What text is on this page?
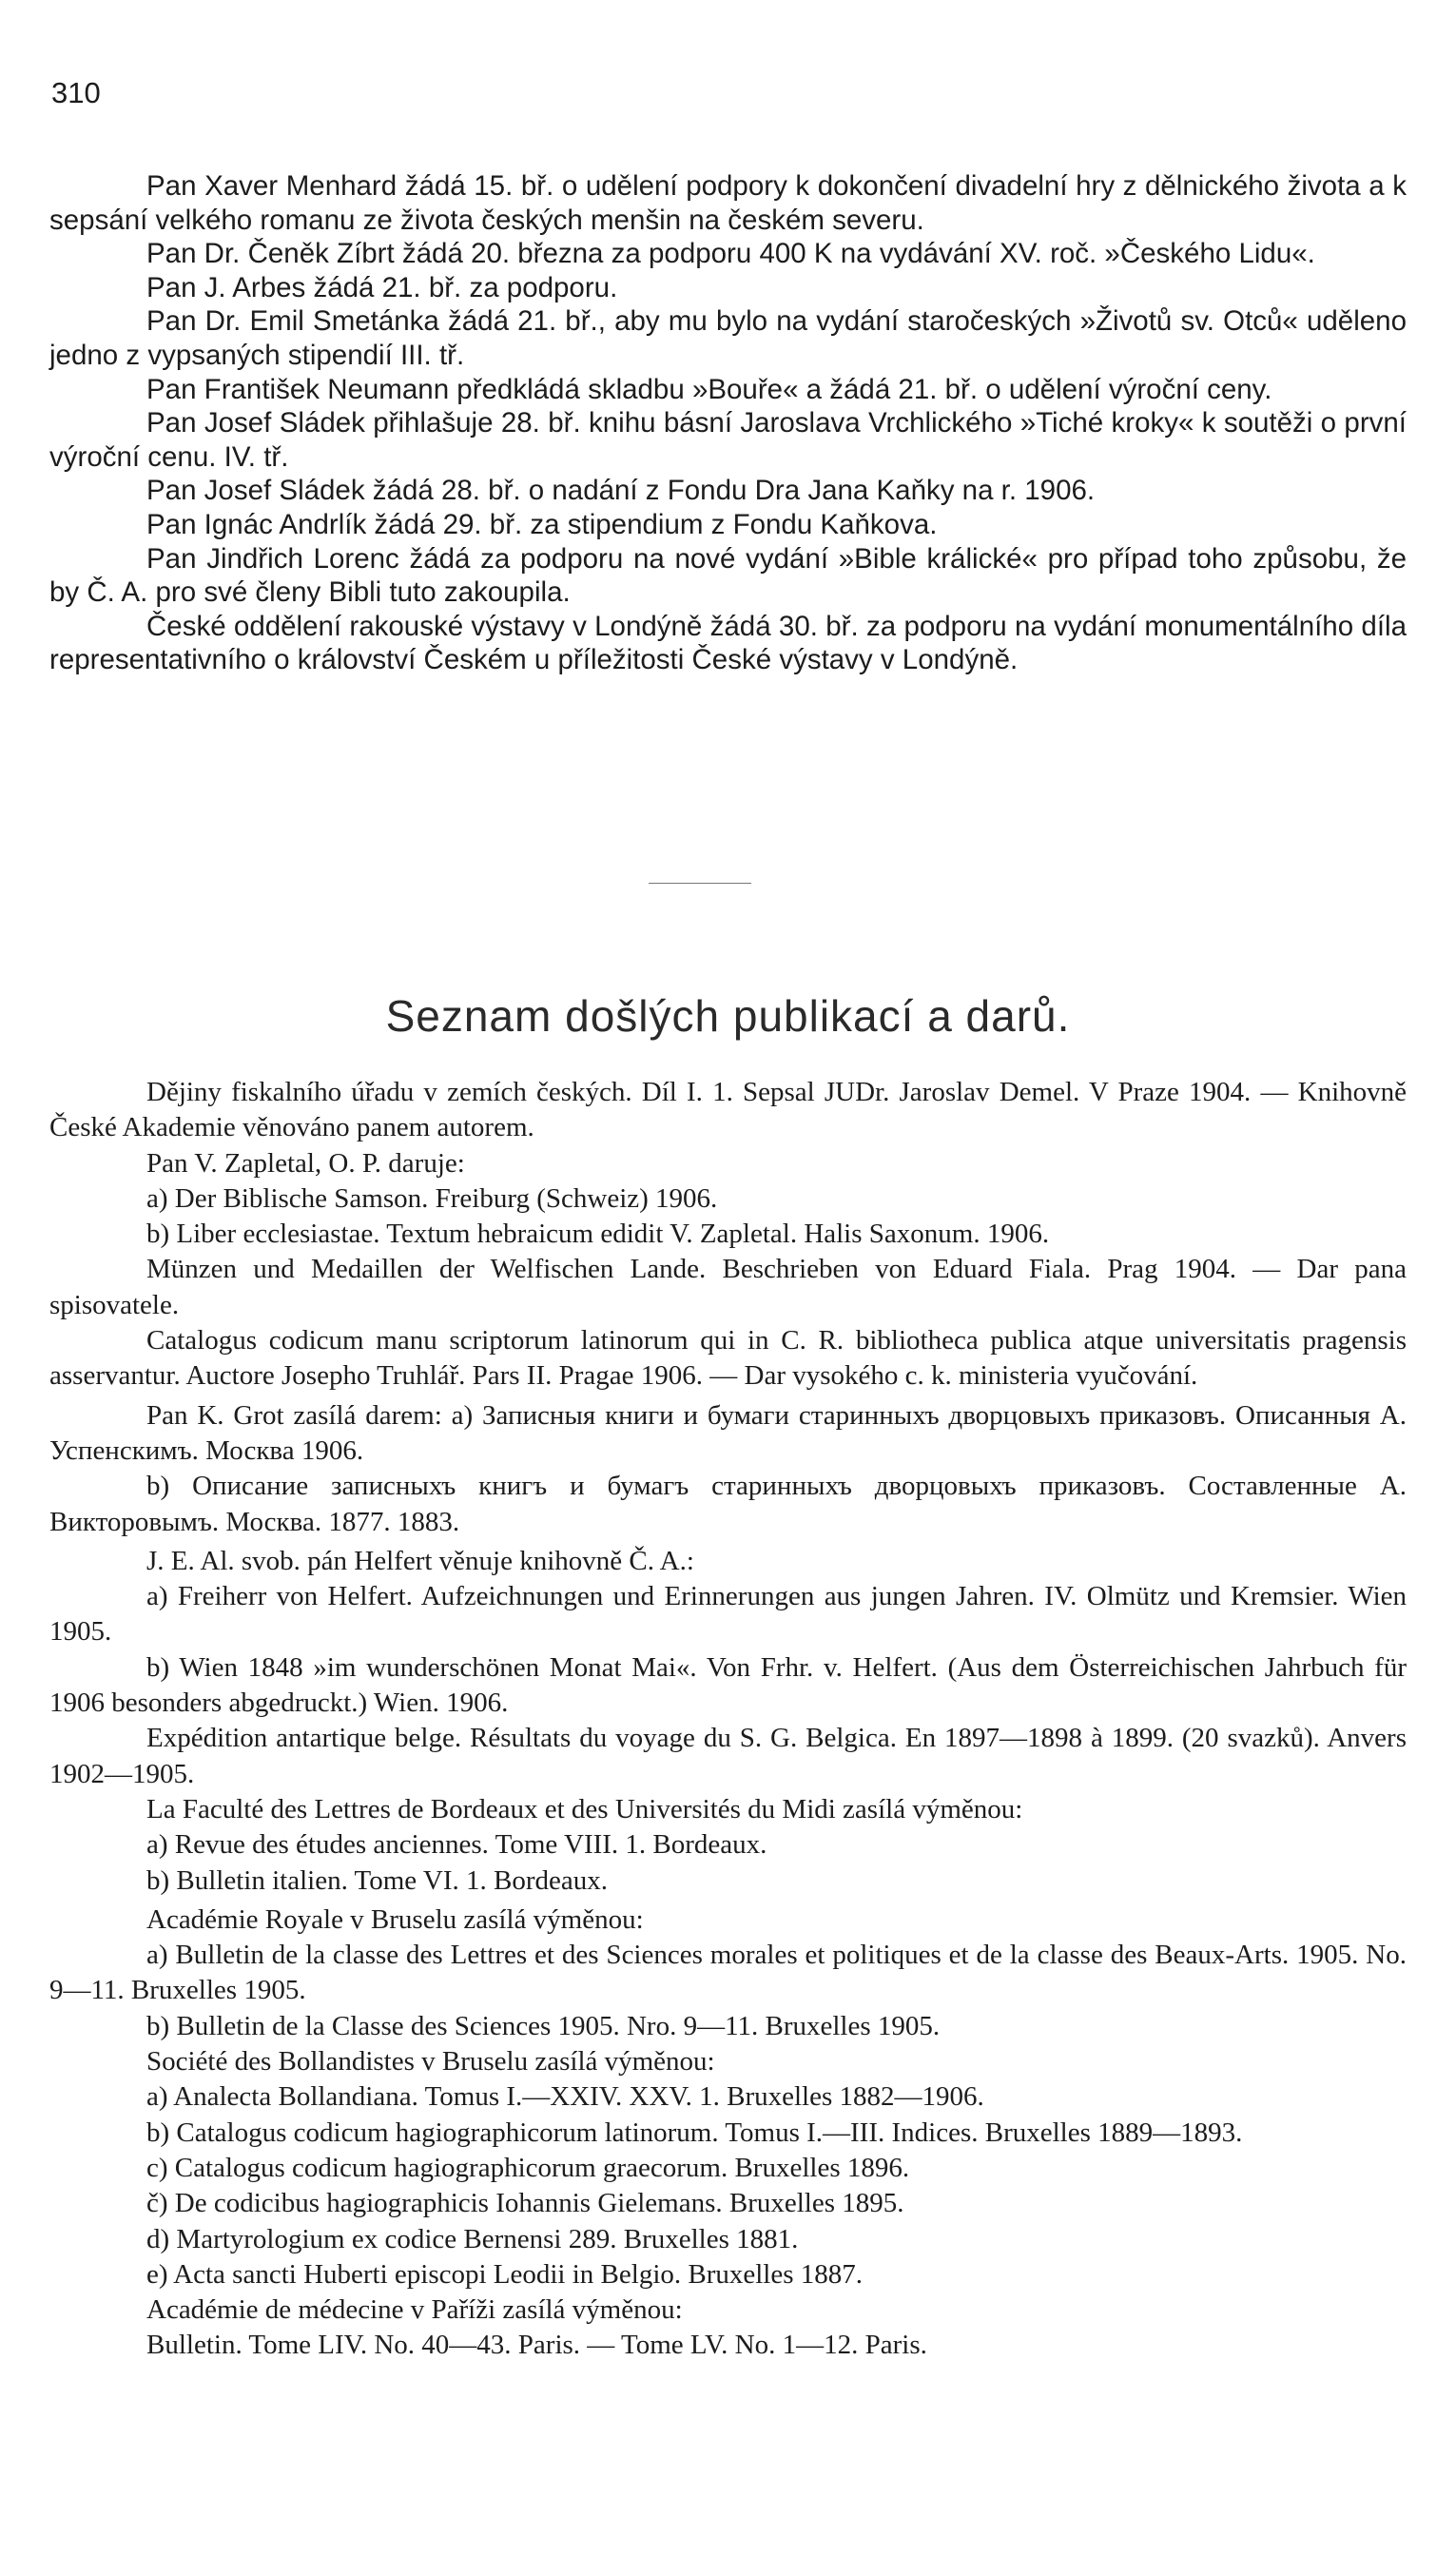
310

Pan Xaver Menhard žádá 15. bř. o udělení podpory k dokončení divadelní hry z dělnického života a k sepsání velkého romanu ze života českých menšin na českém severu.

Pan Dr. Čeněk Zíbrt žádá 20. března za podporu 400 K na vydávání XV. roč. »Českého Lidu«.

Pan J. Arbes žádá 21. bř. za podporu.

Pan Dr. Emil Smetánka žádá 21. bř., aby mu bylo na vydání staročeských »Životů sv. Otců« uděleno jedno z vypsaných stipendií III. tř.

Pan František Neumann předkládá skladbu »Bouře« a žádá 21. bř. o udělení výroční ceny.

Pan Josef Sládek přihlašuje 28. bř. knihu básní Jaroslava Vrchlického »Tiché kroky« k soutěži o první výroční cenu. IV. tř.

Pan Josef Sládek žádá 28. bř. o nadání z Fondu Dra Jana Kaňky na r. 1906.

Pan Ignác Andrlík žádá 29. bř. za stipendium z Fondu Kaňkova.

Pan Jindřich Lorenc žádá za podporu na nové vydání »Bible králické« pro případ toho způsobu, že by Č. A. pro své členy Bibli tuto zakoupila.

České oddělení rakouské výstavy v Londýně žádá 30. bř. za podporu na vydání monumentálního díla representativního o království Českém u příležitosti České výstavy v Londýně.

Seznam došlých publikací a darů.

Dějiny fiskalního úřadu v zemích českých. Díl I. 1. Sepsal JUDr. Jaroslav Demel. V Praze 1904. — Knihovně České Akademie věnováno panem autorem.

Pan V. Zapletal, O. P. daruje:

a) Der Biblische Samson. Freiburg (Schweiz) 1906.

b) Liber ecclesiastae. Textum hebraicum edidit V. Zapletal. Halis Saxonum. 1906.

Münzen und Medaillen der Welfischen Lande. Beschrieben von Eduard Fiala. Prag 1904. — Dar pana spisovatele.

Catalogus codicum manu scriptorum latinorum qui in C. R. bibliotheca publica atque universitatis pragensis asservantur. Auctore Josepho Truhlář. Pars II. Pragae 1906. — Dar vysokého c. k. ministeria vyučování.

Pan K. Grot zasílá darem: a) Записныя книги и бумаги старинныхъ дворцовыхъ приказовъ. Описанныя А. Успенскимъ. Москва 1906.

b) Описание записныхъ книгъ и бумагъ старинныхъ дворцовыхъ приказовъ. Составленные А. Викторовымъ. Москва. 1877. 1883.

J. E. Al. svob. pán Helfert věnuje knihovně Č. A.:

a) Freiherr von Helfert. Aufzeichnungen und Erinnerungen aus jungen Jahren. IV. Olmütz und Kremsier. Wien 1905.

b) Wien 1848 »im wunderschönen Monat Mai«. Von Frhr. v. Helfert. (Aus dem Österreichischen Jahrbuch für 1906 besonders abgedruckt.) Wien. 1906.

Expédition antartique belge. Résultats du voyage du S. G. Belgica. En 1897—1898 à 1899. (20 svazků). Anvers 1902—1905.

La Faculté des Lettres de Bordeaux et des Universités du Midi zasílá výměnou:

a) Revue des études anciennes. Tome VIII. 1. Bordeaux.

b) Bulletin italien. Tome VI. 1. Bordeaux.

Académie Royale v Bruselu zasílá výměnou:

a) Bulletin de la classe des Lettres et des Sciences morales et politiques et de la classe des Beaux-Arts. 1905. No. 9—11. Bruxelles 1905.

b) Bulletin de la Classe des Sciences 1905. Nro. 9—11. Bruxelles 1905.

Société des Bollandistes v Bruselu zasílá výměnou:

a) Analecta Bollandiana. Tomus I.—XXIV. XXV. 1. Bruxelles 1882—1906.

b) Catalogus codicum hagiographicorum latinorum. Tomus I.—III. Indices. Bruxelles 1889—1893.

c) Catalogus codicum hagiographicorum graecorum. Bruxelles 1896.

č) De codicibus hagiographicis Iohannis Gielemans. Bruxelles 1895.

d) Martyrologium ex codice Bernensi 289. Bruxelles 1881.

e) Acta sancti Huberti episcopi Leodii in Belgio. Bruxelles 1887.

Académie de médecine v Paříži zasílá výměnou:

Bulletin. Tome LIV. No. 40—43. Paris. — Tome LV. No. 1—12. Paris.
